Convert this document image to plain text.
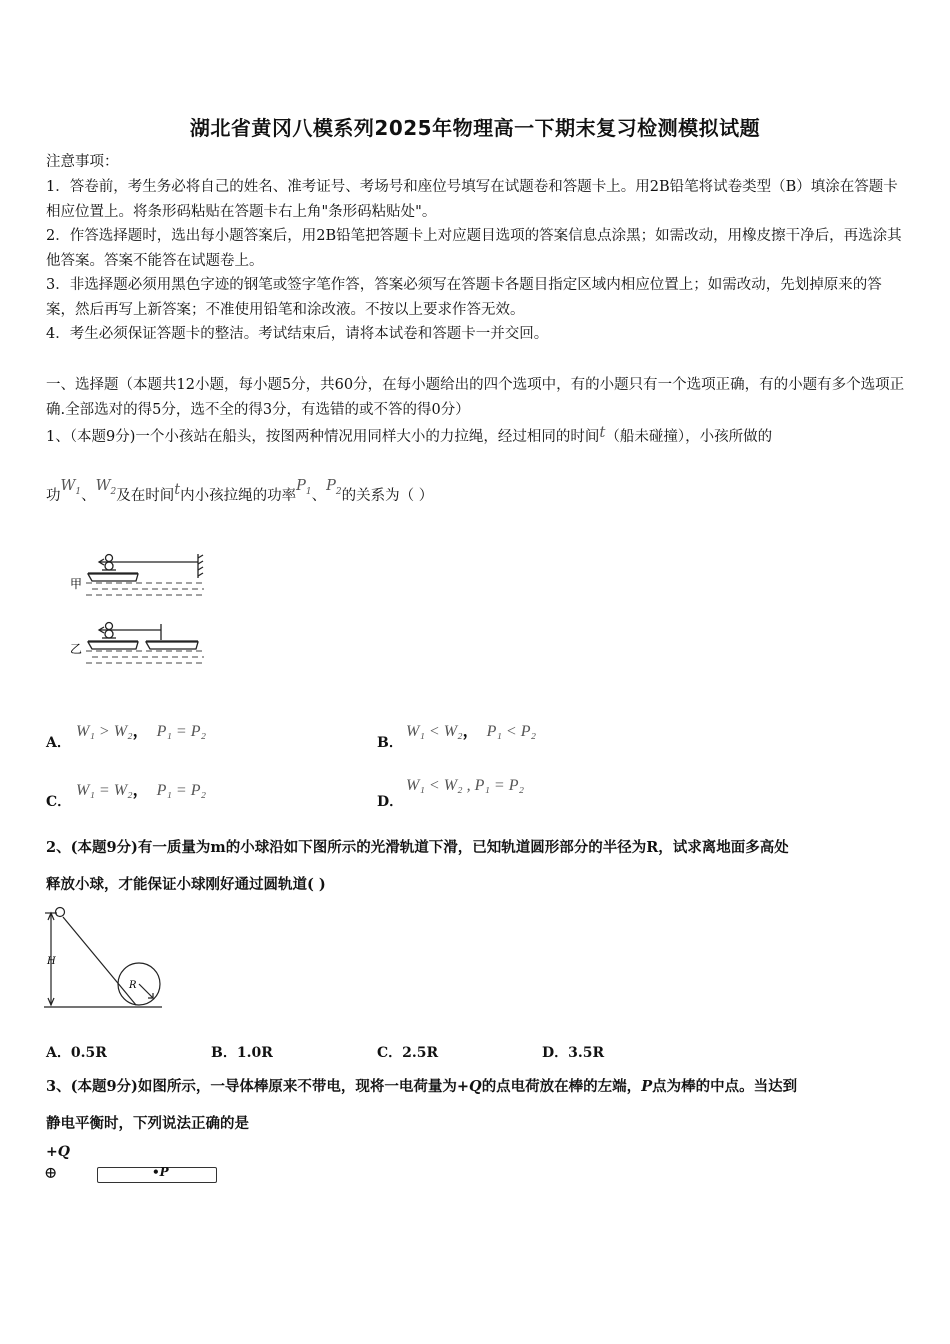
湖北省黄冈八模系列2025年物理高一下期末复习检测模拟试题
注意事项：
1．答卷前，考生务必将自己的姓名、准考证号、考场号和座位号填写在试题卷和答题卡上。用2B铅笔将试卷类型（B）填涂在答题卡相应位置上。将条形码粘贴在答题卡右上角"条形码粘贴处"。
2．作答选择题时，选出每小题答案后，用2B铅笔把答题卡上对应题目选项的答案信息点涂黑；如需改动，用橡皮擦干净后，再选涂其他答案。答案不能答在试题卷上。
3．非选择题必须用黑色字迹的钢笔或签字笔作答，答案必须写在答题卡各题目指定区域内相应位置上；如需改动，先划掉原来的答案，然后再写上新答案；不准使用铅笔和涂改液。不按以上要求作答无效。
4．考生必须保证答题卡的整洁。考试结束后，请将本试卷和答题卡一并交回。
一、选择题（本题共12小题，每小题5分，共60分，在每小题给出的四个选项中，有的小题只有一个选项正确，有的小题有多个选项正确.全部选对的得5分，选不全的得3分，有选错的或不答的得0分）
1、（本题9分)一个小孩站在船头，按图两种情况用同样大小的力拉绳，经过相同的时间t（船未碰撞），小孩所做的
功$W_1$、$W_2$及在时间t内小孩拉绳的功率$P_1$、$P_2$的关系为（ ）
甲
乙
A．
W₁ > W₂， P₁ = P₂
B．
W₁ < W₂， P₁ < P₂
C．
W₁ = W₂， P₁ = P₂
D．
W₁ < W₂ , P₁ = P₂
2、(本题9分)有一质量为m的小球沿如下图所示的光滑轨道下滑，已知轨道圆形部分的半径为R，试求离地面多高处
释放小球，才能保证小球刚好通过圆轨道( )
H
R
A．0.5R	B．1.0R	C．2.5R	D．3.5R
3、(本题9分)如图所示，一导体棒原来不带电，现将一电荷量为+Q的点电荷放在棒的左端，P点为棒的中点。当达到
静电平衡时，下列说法正确的是
+Q
⊕	•P
